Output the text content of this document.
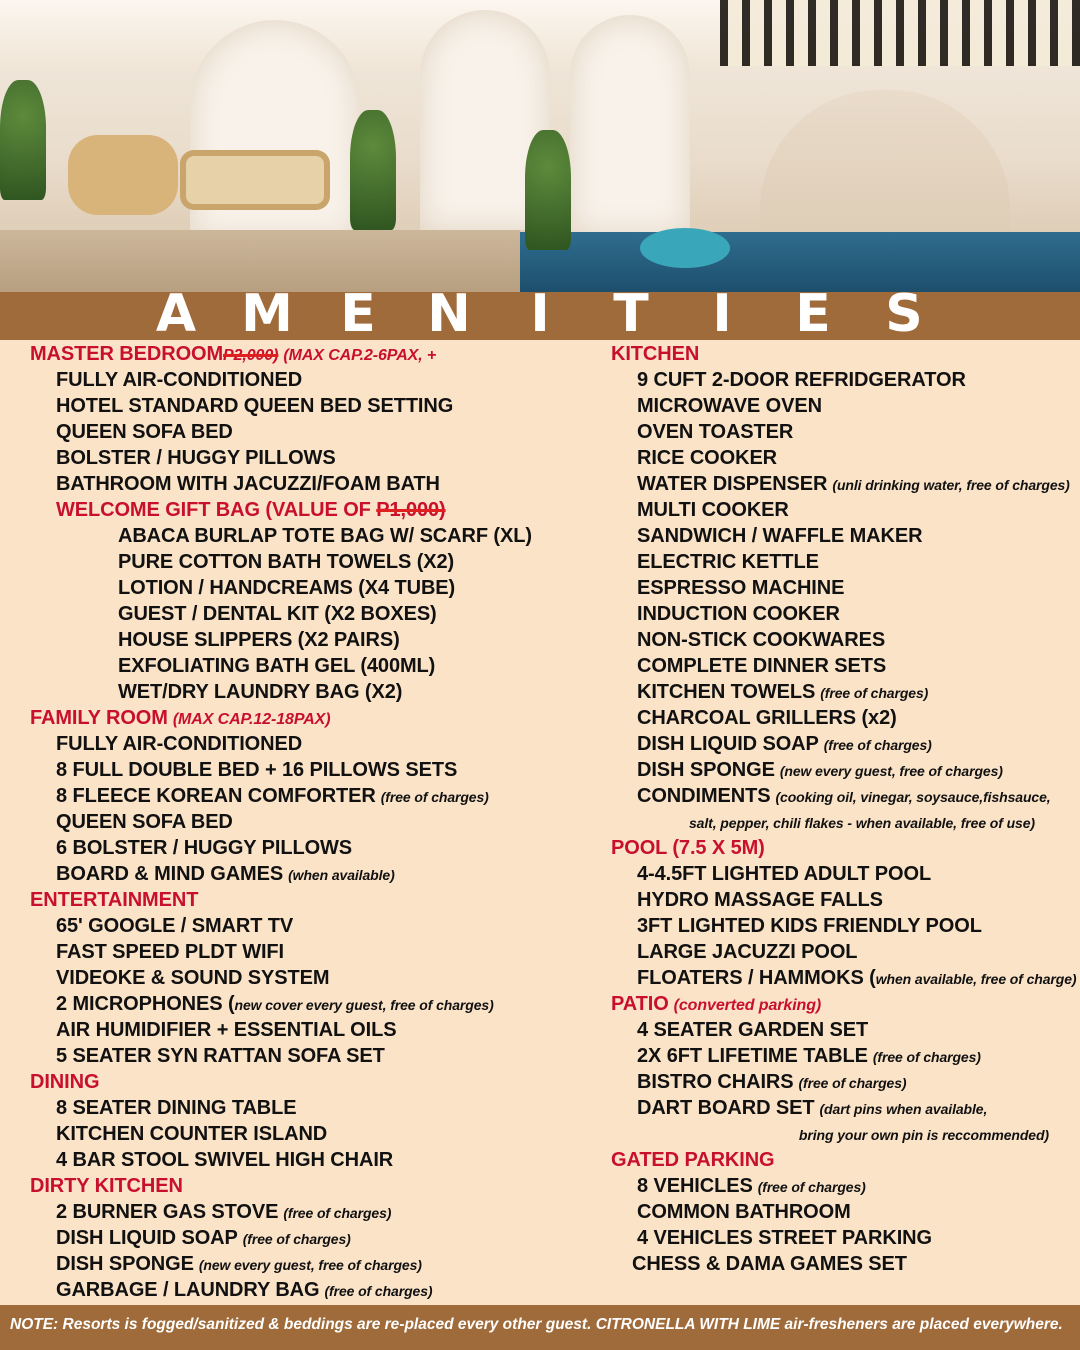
A M E N	I	T	I	E	S
MASTER BEDROOMP2,000) (MAX CAP.2-6PAX, +
FULLY AIR-CONDITIONED
HOTEL STANDARD QUEEN BED SETTING
QUEEN SOFA BED
BOLSTER / HUGGY PILLOWS
BATHROOM WITH JACUZZI/FOAM BATH
WELCOME GIFT BAG (VALUE OF P1,000)
ABACA BURLAP TOTE BAG W/ SCARF (XL)
PURE COTTON BATH TOWELS (X2)
LOTION / HANDCREAMS (X4 TUBE)
GUEST / DENTAL KIT (X2 BOXES)
HOUSE SLIPPERS (X2 PAIRS)
EXFOLIATING BATH GEL (400ML)
WET/DRY LAUNDRY BAG (X2)
FAMILY ROOM (MAX CAP.12-18PAX)
FULLY AIR-CONDITIONED
8 FULL DOUBLE BED + 16 PILLOWS SETS
8 FLEECE KOREAN COMFORTER (free of charges)
QUEEN SOFA BED
6 BOLSTER / HUGGY PILLOWS
BOARD & MIND GAMES (when available)
ENTERTAINMENT
65' GOOGLE / SMART TV
FAST SPEED PLDT WIFI
VIDEOKE & SOUND SYSTEM
2 MICROPHONES (new cover every guest, free of charges)
AIR HUMIDIFIER + ESSENTIAL OILS
5 SEATER SYN RATTAN SOFA SET
DINING
8 SEATER DINING TABLE
KITCHEN COUNTER ISLAND
4 BAR STOOL SWIVEL HIGH CHAIR
DIRTY KITCHEN
2 BURNER GAS STOVE (free of charges)
DISH LIQUID SOAP (free of charges)
DISH SPONGE (new every guest, free of charges)
GARBAGE / LAUNDRY BAG (free of charges)
KITCHEN
9 CUFT 2-DOOR REFRIDGERATOR
MICROWAVE OVEN
OVEN TOASTER
RICE COOKER
WATER DISPENSER (unli drinking water, free of charges)
MULTI COOKER
SANDWICH / WAFFLE MAKER
ELECTRIC KETTLE
ESPRESSO MACHINE
INDUCTION COOKER
NON-STICK COOKWARES
COMPLETE DINNER SETS
KITCHEN TOWELS (free of charges)
CHARCOAL GRILLERS (x2)
DISH LIQUID SOAP (free of charges)
DISH SPONGE (new every guest, free of charges)
CONDIMENTS (cooking oil, vinegar, soysauce,fishsauce,
salt, pepper, chili flakes - when available, free of use)
POOL (7.5 X 5M)
4-4.5FT LIGHTED ADULT POOL
HYDRO MASSAGE FALLS
3FT LIGHTED KIDS FRIENDLY POOL
LARGE JACUZZI POOL
FLOATERS / HAMMOKS (when available, free of charge)
PATIO (converted parking)
4 SEATER GARDEN SET
2X 6FT LIFETIME TABLE (free of charges)
BISTRO CHAIRS (free of charges)
DART BOARD SET (dart pins when available,
bring your own pin is reccommended)
GATED PARKING
8 VEHICLES (free of charges)
COMMON BATHROOM
4 VEHICLES STREET PARKING
CHESS & DAMA GAMES SET
NOTE: Resorts is fogged/sanitized & beddings are re-placed every other guest. CITRONELLA WITH LIME air-fresheners are placed everywhere.
